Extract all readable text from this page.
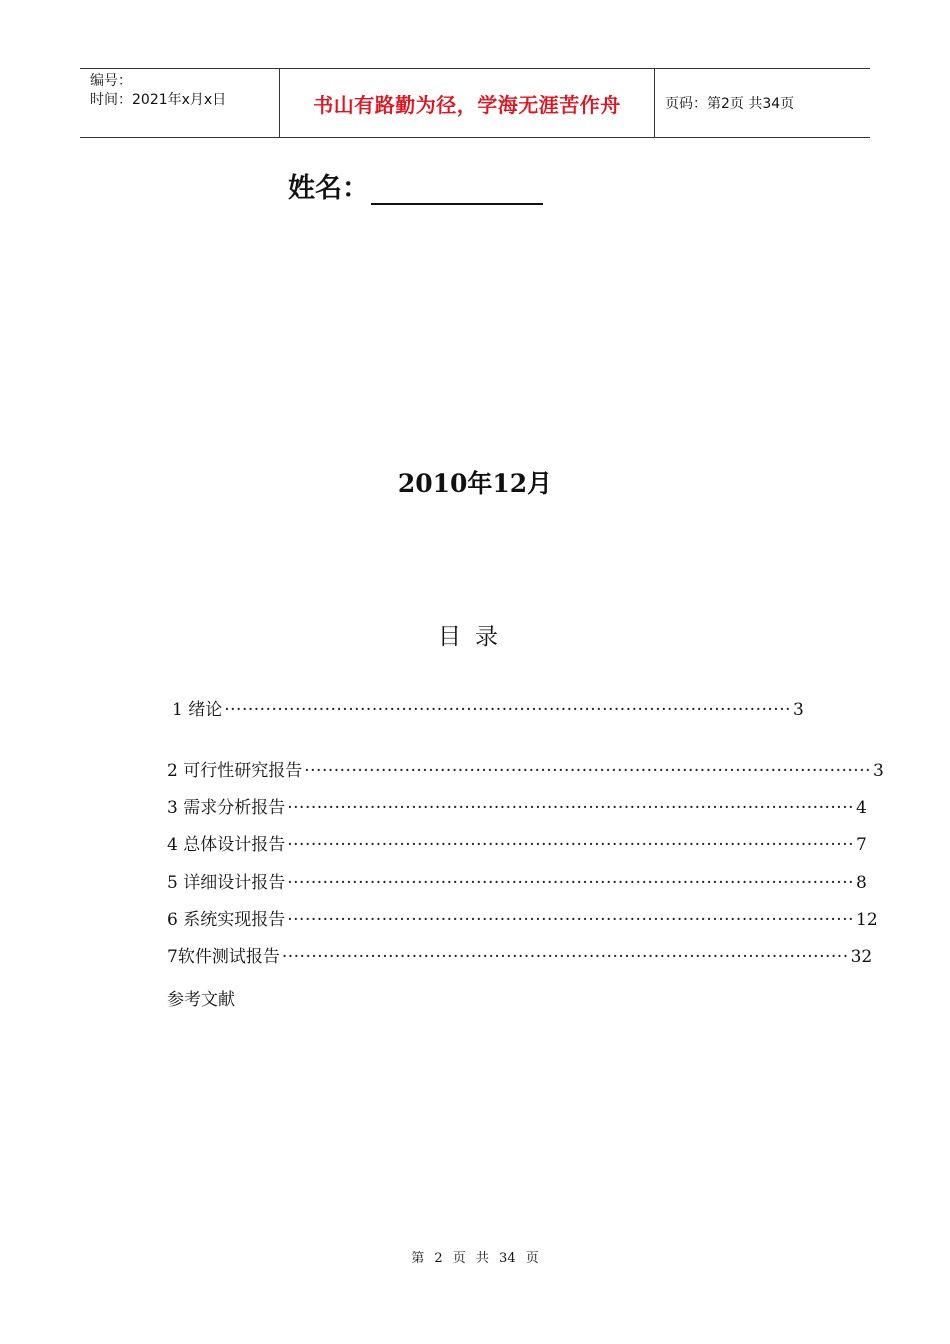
编号：
时间：2021年x月x日	书山有路勤为径，学海无涯苦作舟	页码：第2页 共34页
姓名：
2010年12月
目录
1 绪论 ································································································ 3
2 可行性研究报告 ································································································ 3
3 需求分析报告 ································································································ 4
4 总体设计报告 ································································································ 7
5 详细设计报告 ································································································ 8
6 系统实现报告 ································································································ 12
7软件测试报告 ································································································ 32
参考文献
第 2 页 共 34 页
